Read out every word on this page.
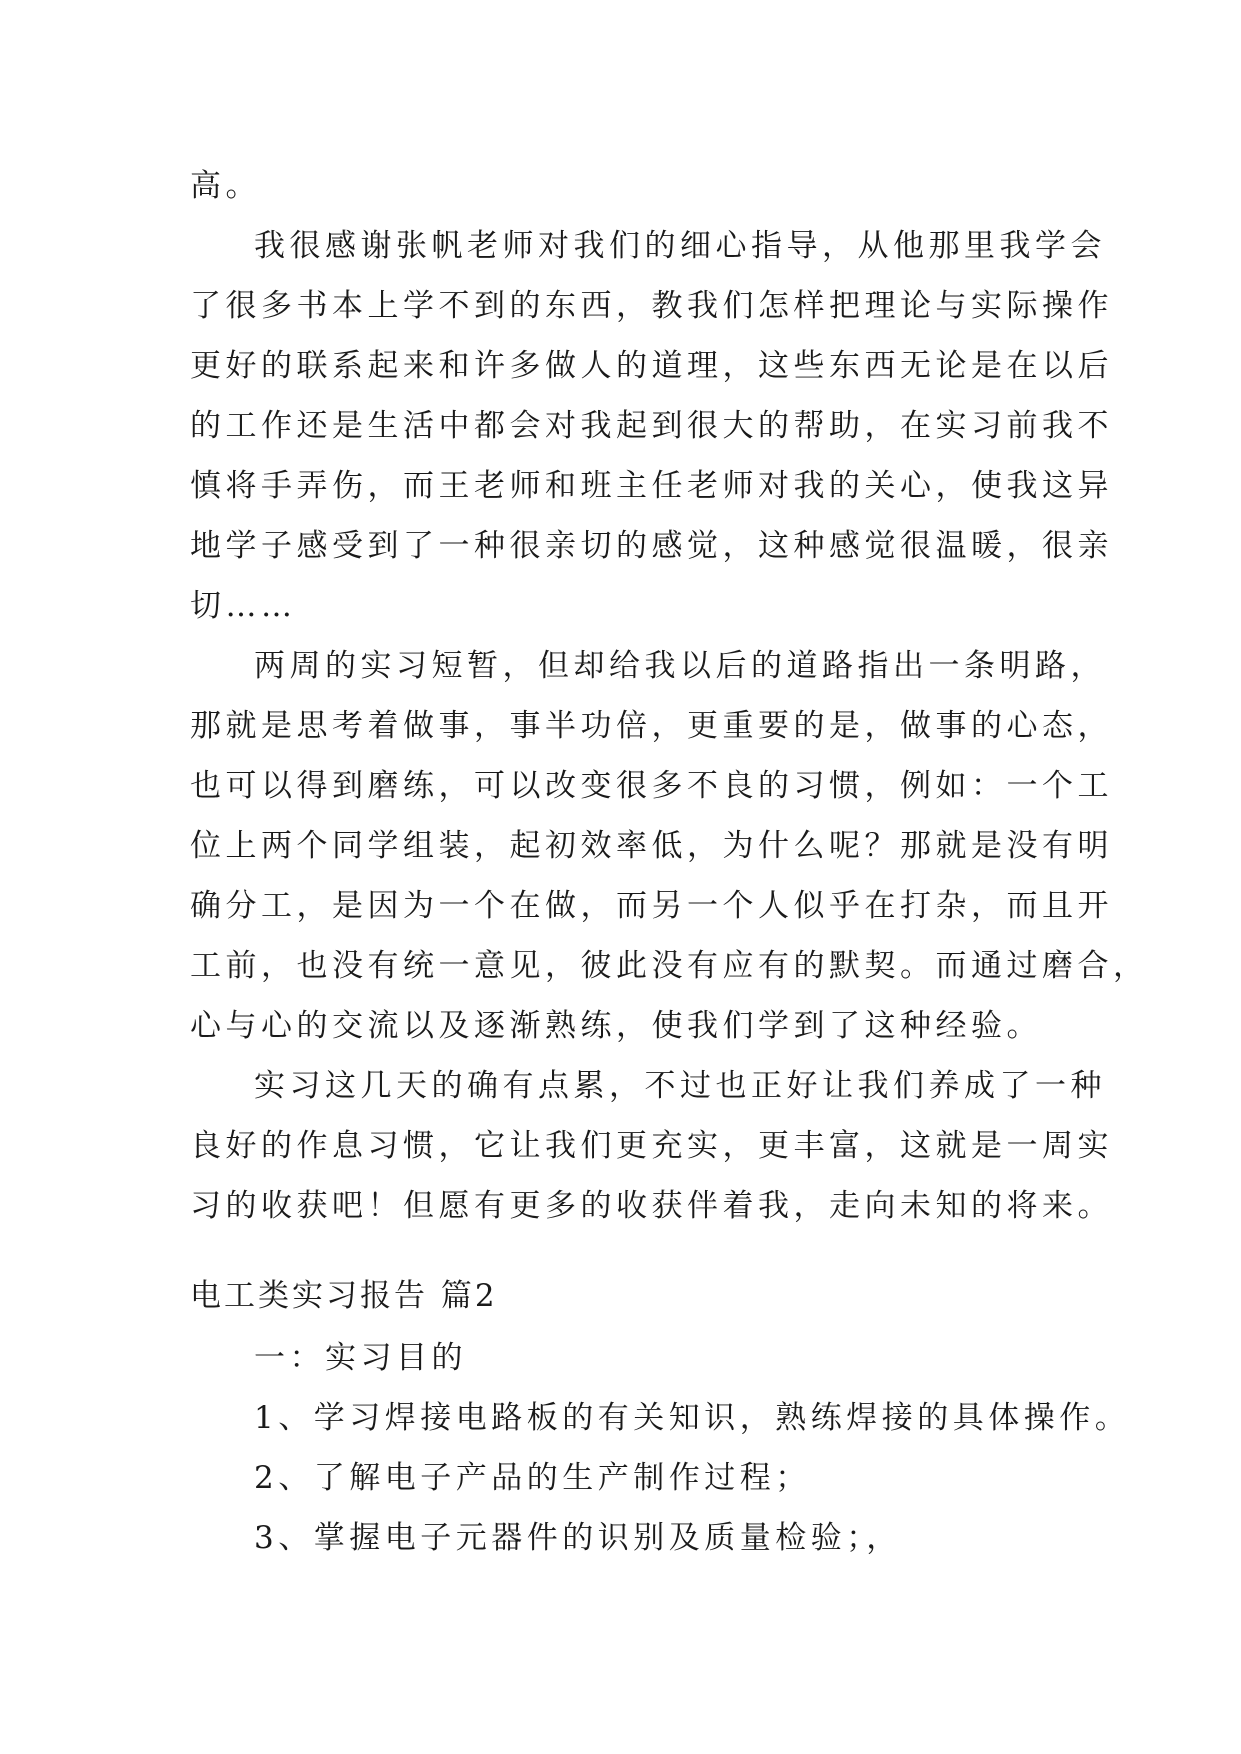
高。
我很感谢张帆老师对我们的细心指导，从他那里我学会
了很多书本上学不到的东西，教我们怎样把理论与实际操作
更好的联系起来和许多做人的道理，这些东西无论是在以后
的工作还是生活中都会对我起到很大的帮助，在实习前我不
慎将手弄伤，而王老师和班主任老师对我的关心，使我这异
地学子感受到了一种很亲切的感觉，这种感觉很温暖，很亲
切……
两周的实习短暂，但却给我以后的道路指出一条明路，
那就是思考着做事，事半功倍，更重要的是，做事的心态，
也可以得到磨练，可以改变很多不良的习惯，例如：一个工
位上两个同学组装，起初效率低，为什么呢？那就是没有明
确分工，是因为一个在做，而另一个人似乎在打杂，而且开
工前，也没有统一意见，彼此没有应有的默契。而通过磨合，
心与心的交流以及逐渐熟练，使我们学到了这种经验。
实习这几天的确有点累，不过也正好让我们养成了一种
良好的作息习惯，它让我们更充实，更丰富，这就是一周实
习的收获吧！但愿有更多的收获伴着我，走向未知的将来。
电工类实习报告 篇2
一：实习目的
1、学习焊接电路板的有关知识，熟练焊接的具体操作。
2、了解电子产品的生产制作过程；
3、掌握电子元器件的识别及质量检验；，
